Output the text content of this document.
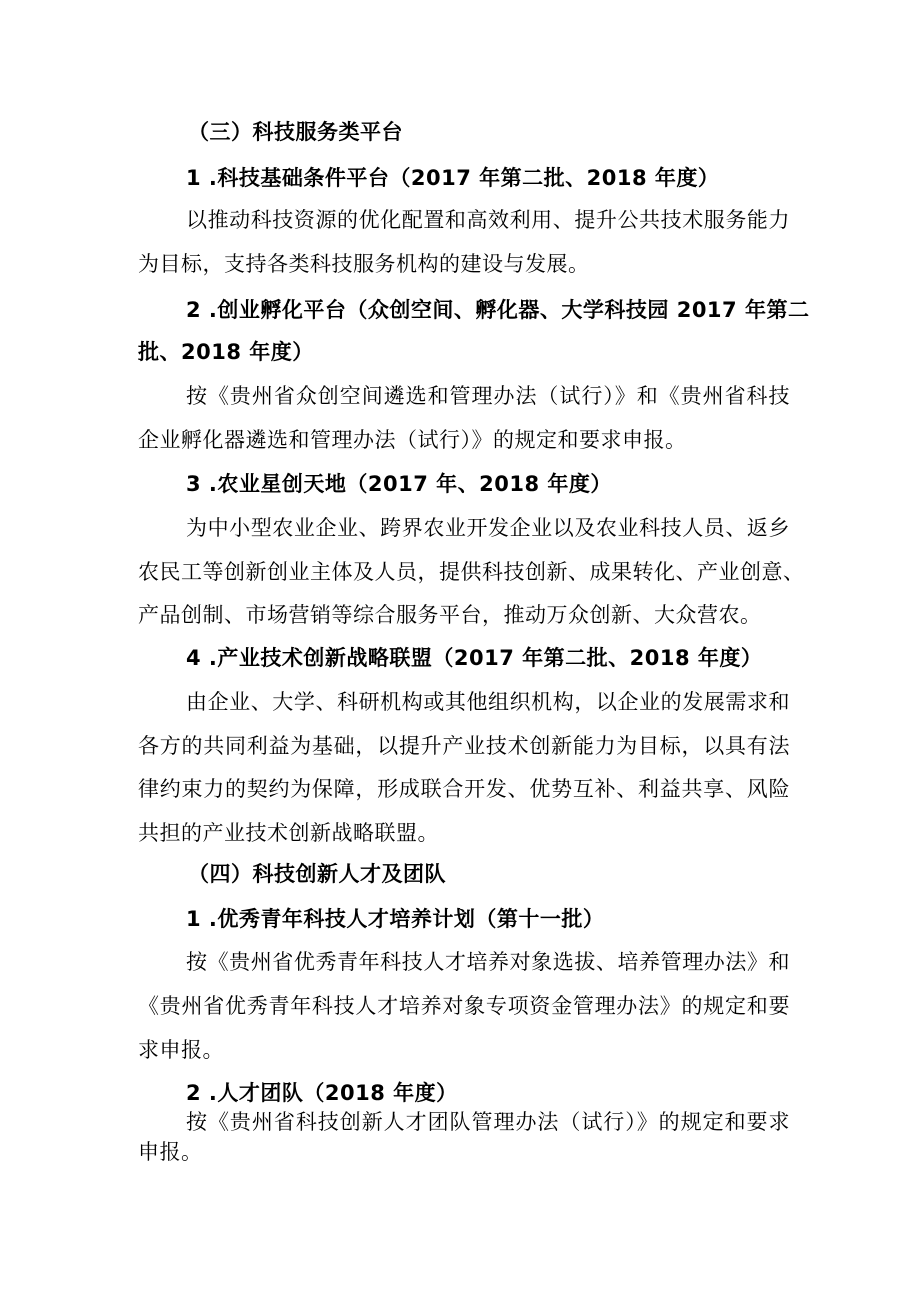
（三）科技服务类平台
1 .科技基础条件平台（2017 年第二批、2018 年度）
以推动科技资源的优化配置和高效利用、提升公共技术服务能力
为目标，支持各类科技服务机构的建设与发展。
2 .创业孵化平台（众创空间、孵化器、大学科技园 2017 年第二
批、2018 年度）
按《贵州省众创空间遴选和管理办法（试行）》和《贵州省科技
企业孵化器遴选和管理办法（试行）》的规定和要求申报。
3 .农业星创天地（2017 年、2018 年度）
为中小型农业企业、跨界农业开发企业以及农业科技人员、返乡
农民工等创新创业主体及人员，提供科技创新、成果转化、产业创意、
产品创制、市场营销等综合服务平台，推动万众创新、大众营农。
4 .产业技术创新战略联盟（2017 年第二批、2018 年度）
由企业、大学、科研机构或其他组织机构，以企业的发展需求和
各方的共同利益为基础，以提升产业技术创新能力为目标，以具有法
律约束力的契约为保障，形成联合开发、优势互补、利益共享、风险
共担的产业技术创新战略联盟。
（四）科技创新人才及团队
1 .优秀青年科技人才培养计划（第十一批）
按《贵州省优秀青年科技人才培养对象选拔、培养管理办法》和
《贵州省优秀青年科技人才培养对象专项资金管理办法》的规定和要
求申报。
2 .人才团队（2018 年度）
按《贵州省科技创新人才团队管理办法（试行）》的规定和要求
申报。
